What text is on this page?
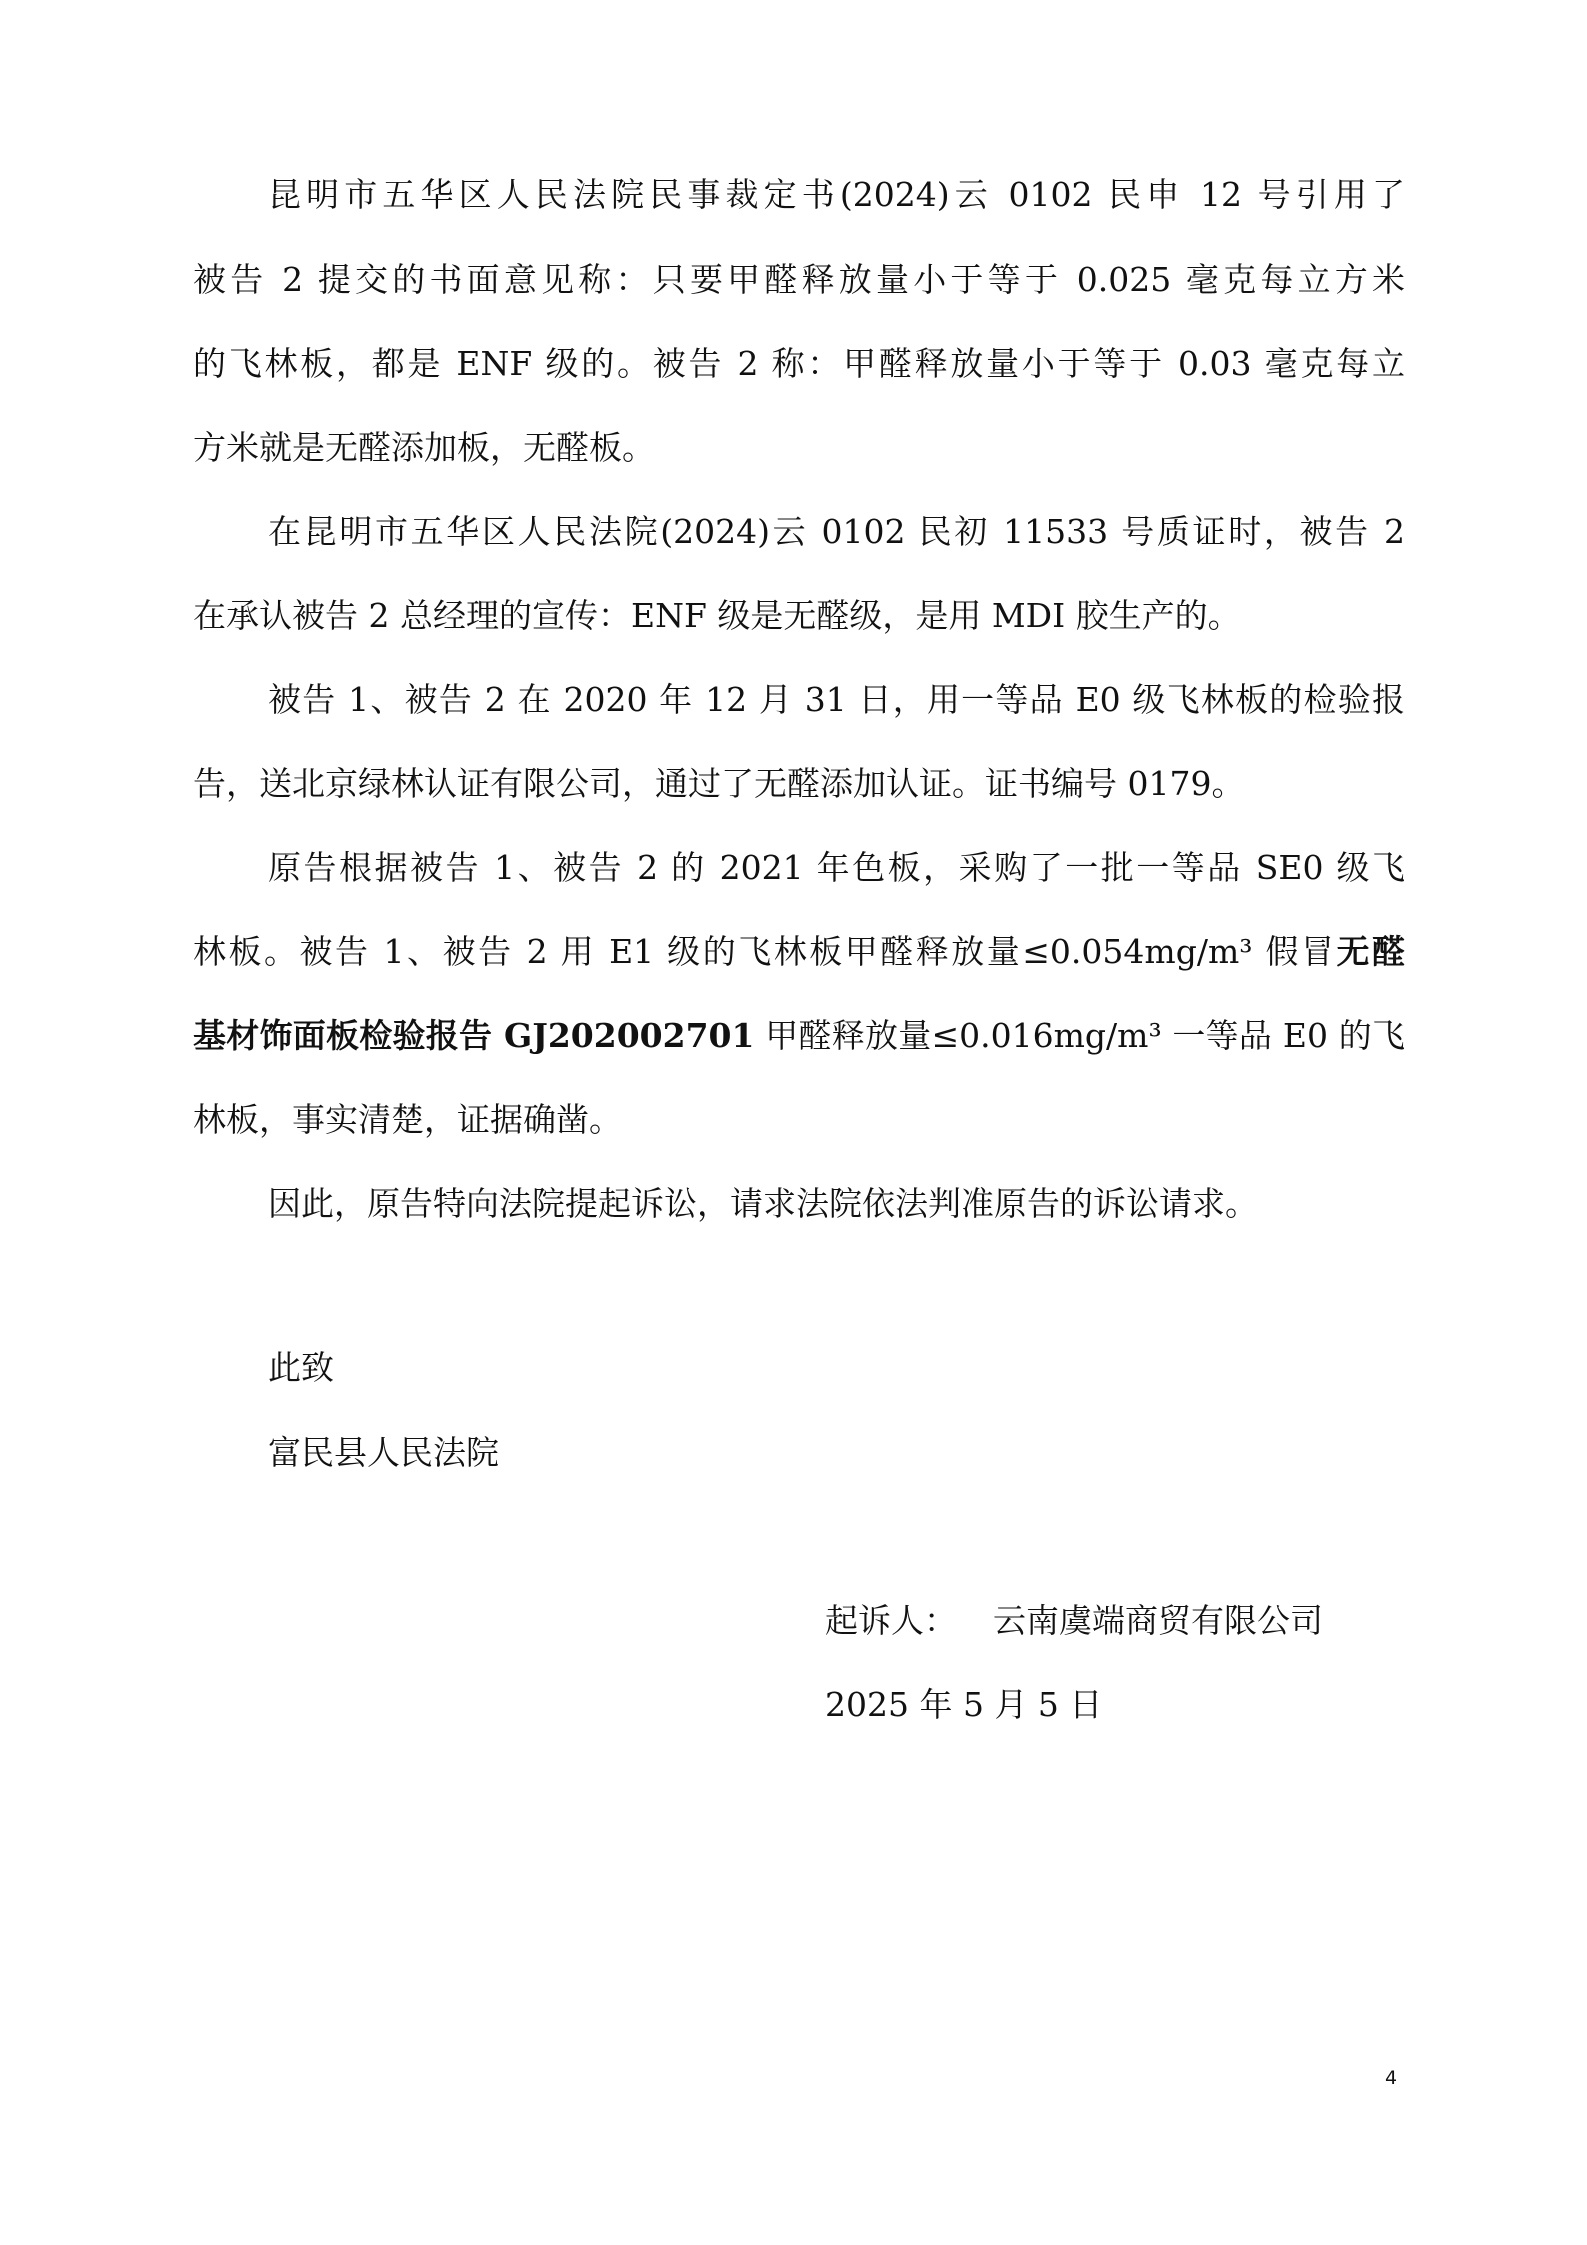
昆明市五华区人民法院民事裁定书(2024)云 0102 民申 12 号引用了
被告 2 提交的书面意见称：只要甲醛释放量小于等于 0.025 毫克每立方米
的飞林板，都是 ENF 级的。被告 2 称：甲醛释放量小于等于 0.03 毫克每立
方米就是无醛添加板，无醛板。
在昆明市五华区人民法院(2024)云 0102 民初 11533 号质证时，被告 2
在承认被告 2 总经理的宣传：ENF 级是无醛级，是用 MDI 胶生产的。
被告 1、被告 2 在 2020 年 12 月 31 日，用一等品 E0 级飞林板的检验报
告，送北京绿林认证有限公司，通过了无醛添加认证。证书编号 0179。
原告根据被告 1、被告 2 的 2021 年色板，采购了一批一等品 SE0 级飞
林板。被告 1、被告 2 用 E1 级的飞林板甲醛释放量≤0.054mg/m³ 假冒无醛
基材饰面板检验报告 GJ202002701 甲醛释放量≤0.016mg/m³ 一等品 E0 的飞
林板，事实清楚，证据确凿。
因此，原告特向法院提起诉讼，请求法院依法判准原告的诉讼请求。
此致
富民县人民法院
起诉人： 云南虞端商贸有限公司
2025 年 5 月 5 日
4
